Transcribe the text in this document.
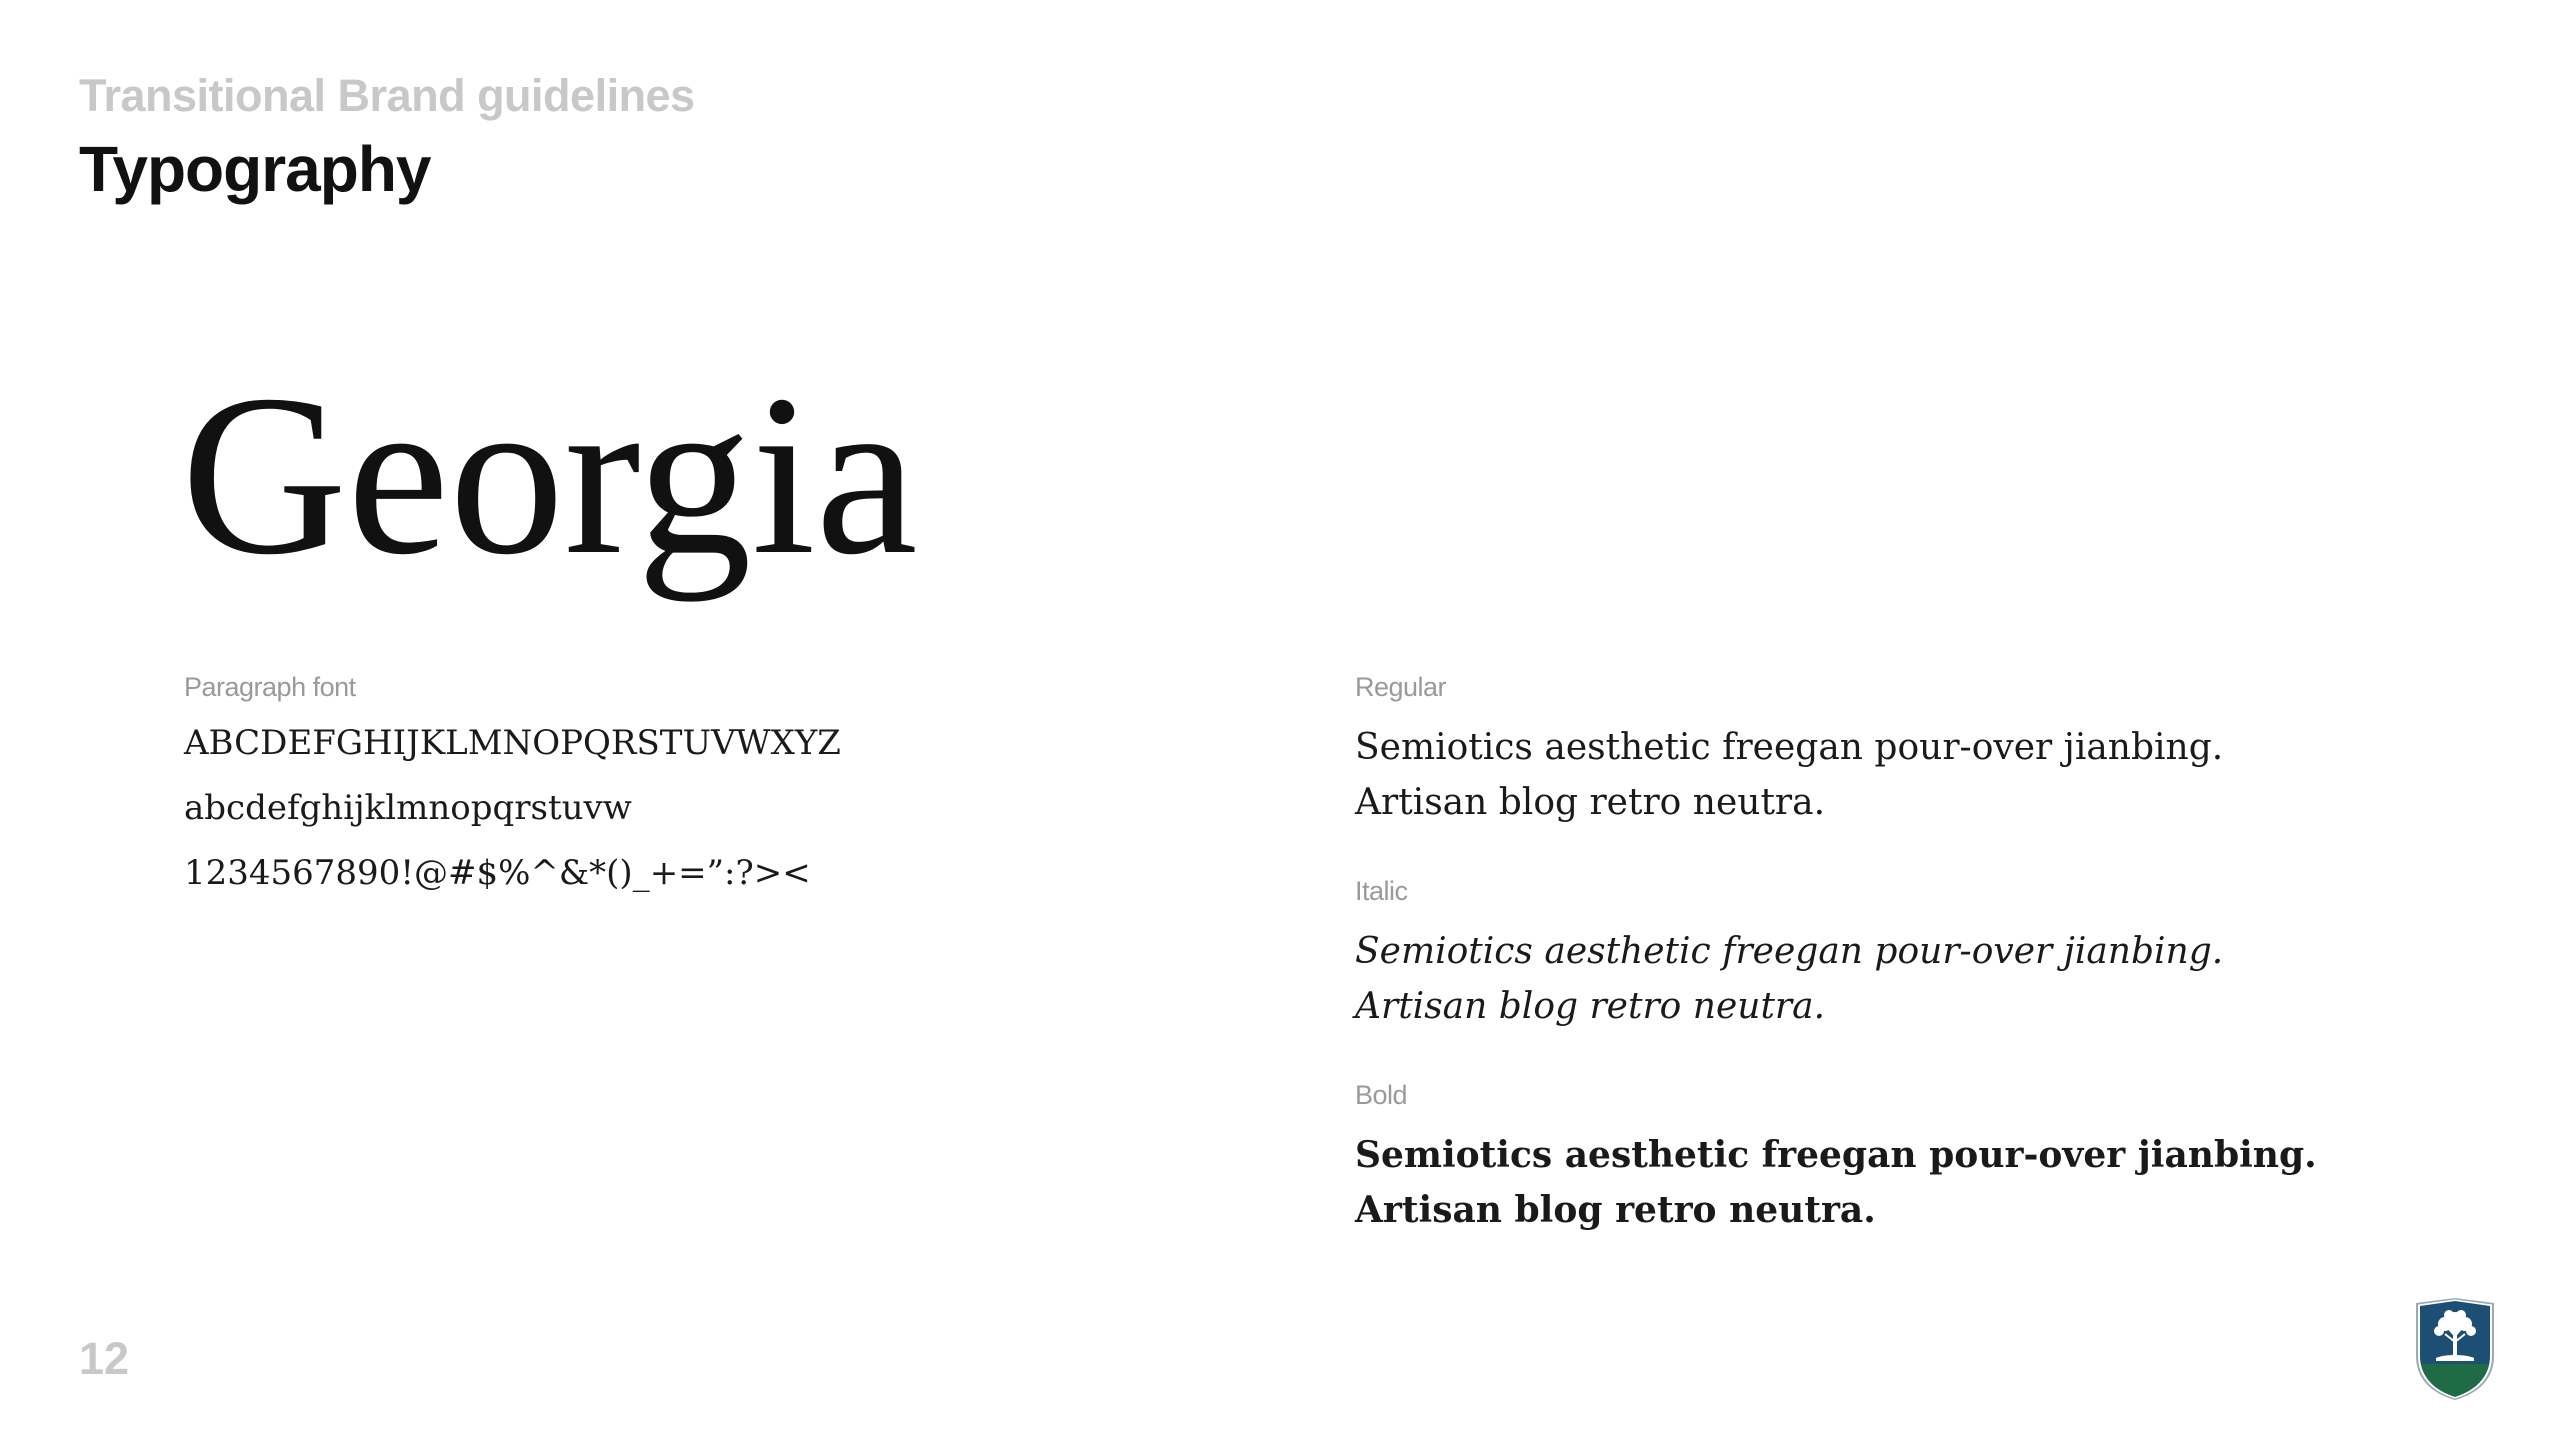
Transitional Brand guidelines
Typography
Georgia
Paragraph font
ABCDEFGHIJKLMNOPQRSTUVWXYZ
abcdefghijklmnopqrstuvw
1234567890!@#$%^&*()_+=”:?><
Regular
Semiotics aesthetic freegan pour-over jianbing.
Artisan blog retro neutra.
Italic
Semiotics aesthetic freegan pour-over jianbing.
Artisan blog retro neutra.
Bold
Semiotics aesthetic freegan pour-over jianbing.
Artisan blog retro neutra.
12
